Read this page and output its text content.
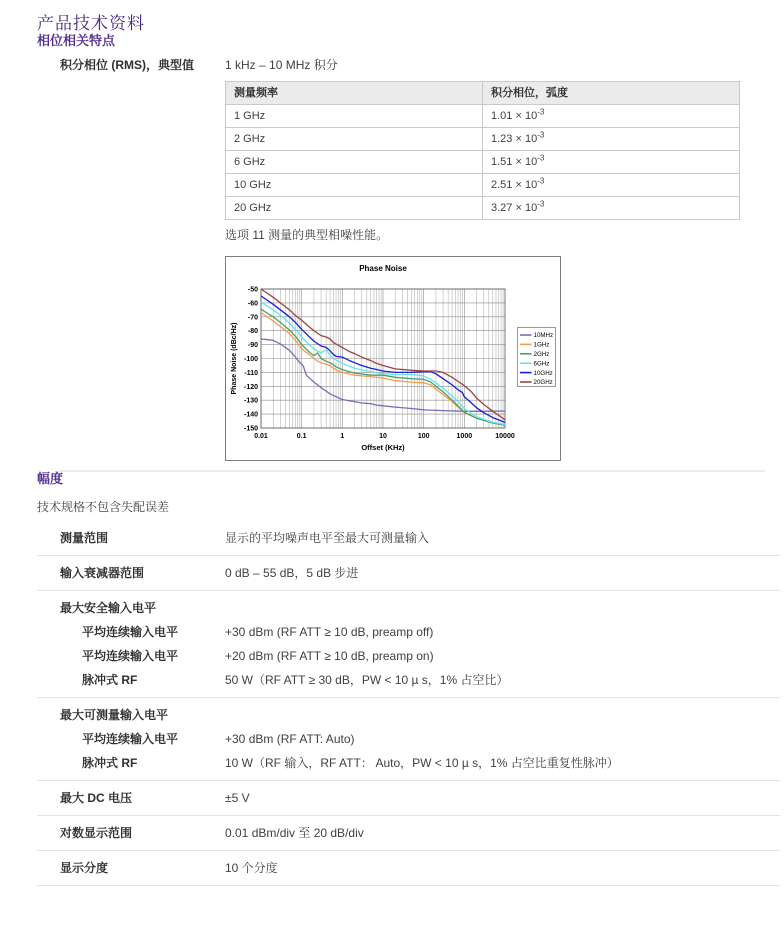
产品技术资料
相位相关特点
积分相位 (RMS)，典型值	1 kHz – 10 MHz 积分
测量频率	积分相位，弧度
1 GHz	$1.01 \times 10^{-3}$
2 GHz	$1.23 \times 10^{-3}$
6 GHz	$1.51 \times 10^{-3}$
10 GHz	$2.51 \times 10^{-3}$
20 GHz	$3.27 \times 10^{-3}$
选项 11 测量的典型相噪性能。
-50
-60
-70
-80
-90
-100
-110
-120
-130
-140
-150
0.01	0.1	1	10	100	1000	10000
Phase Noise
Offset (KHz)
Phase Noise (dBc/Hz)	10MHz
1GHz
2GHz
6GHz
10GHz
20GHz
幅度
技术规格不包含失配误差
测量范围	显示的平均噪声电平至最大可测量输入
输入衰减器范围	0 dB – 55 dB，5 dB 步进
最大安全输入电平
平均连续输入电平	+30 dBm (RF ATT ≥ 10 dB, preamp off)
平均连续输入电平	+20 dBm (RF ATT ≥ 10 dB, preamp on)
脉冲式 RF	50 W（RF ATT ≥ 30 dB，PW < 10 µ s，1% 占空比）
最大可测量输入电平
平均连续输入电平	+30 dBm (RF ATT: Auto)
脉冲式 RF	10 W（RF 输入，RF ATT： Auto，PW < 10 µ s，1% 占空比重复性脉冲）
最大 DC 电压	±5 V
对数显示范围	0.01 dBm/div 至 20 dB/div
显示分度	10 个分度
